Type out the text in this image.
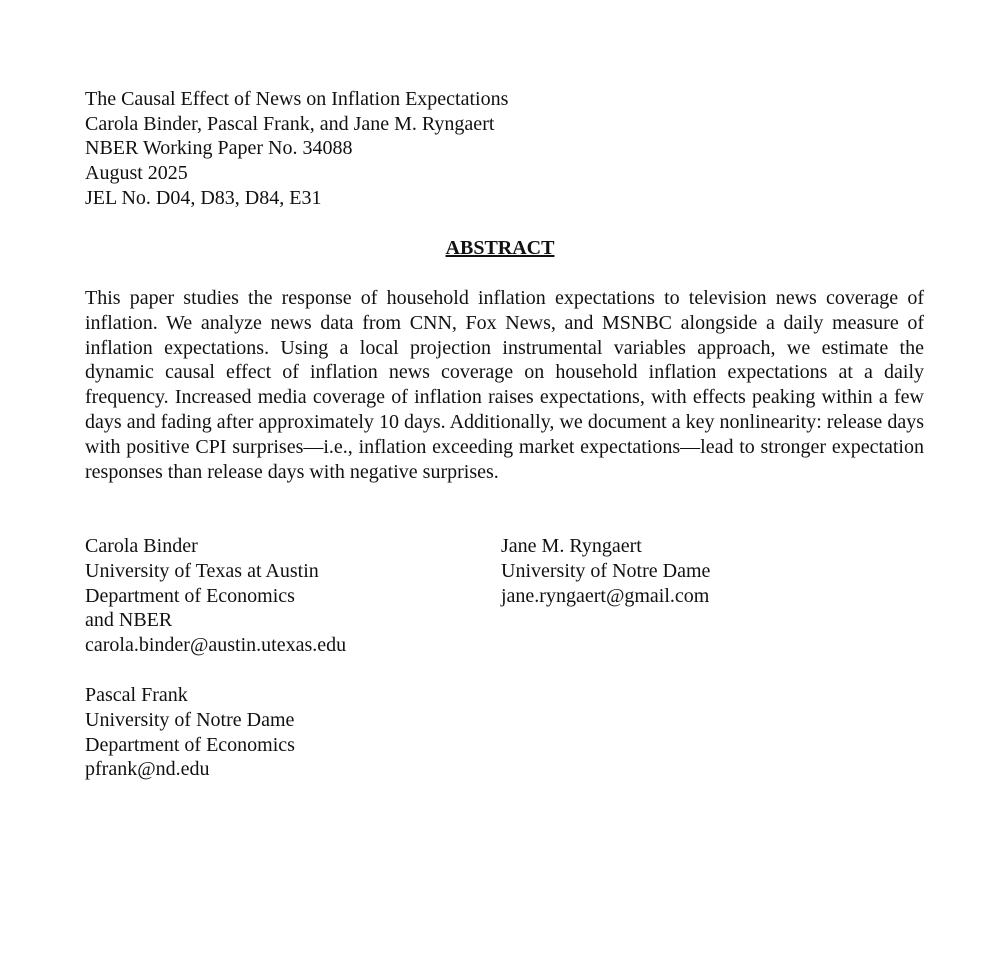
The Causal Effect of News on Inflation Expectations
Carola Binder, Pascal Frank, and Jane M. Ryngaert
NBER Working Paper No. 34088
August 2025
JEL No. D04, D83, D84, E31
ABSTRACT
This paper studies the response of household inflation expectations to television news coverage of inflation. We analyze news data from CNN, Fox News, and MSNBC alongside a daily measure of inflation expectations. Using a local projection instrumental variables approach, we estimate the dynamic causal effect of inflation news coverage on household inflation expectations at a daily frequency. Increased media coverage of inflation raises expectations, with effects peaking within a few days and fading after approximately 10 days. Additionally, we document a key nonlinearity: release days with positive CPI surprises—i.e., inflation exceeding market expectations—lead to stronger expectation responses than release days with negative surprises.
Carola Binder
University of Texas at Austin
Department of Economics
and NBER
carola.binder@austin.utexas.edu
Pascal Frank
University of Notre Dame
Department of Economics
pfrank@nd.edu
Jane M. Ryngaert
University of Notre Dame
jane.ryngaert@gmail.com
